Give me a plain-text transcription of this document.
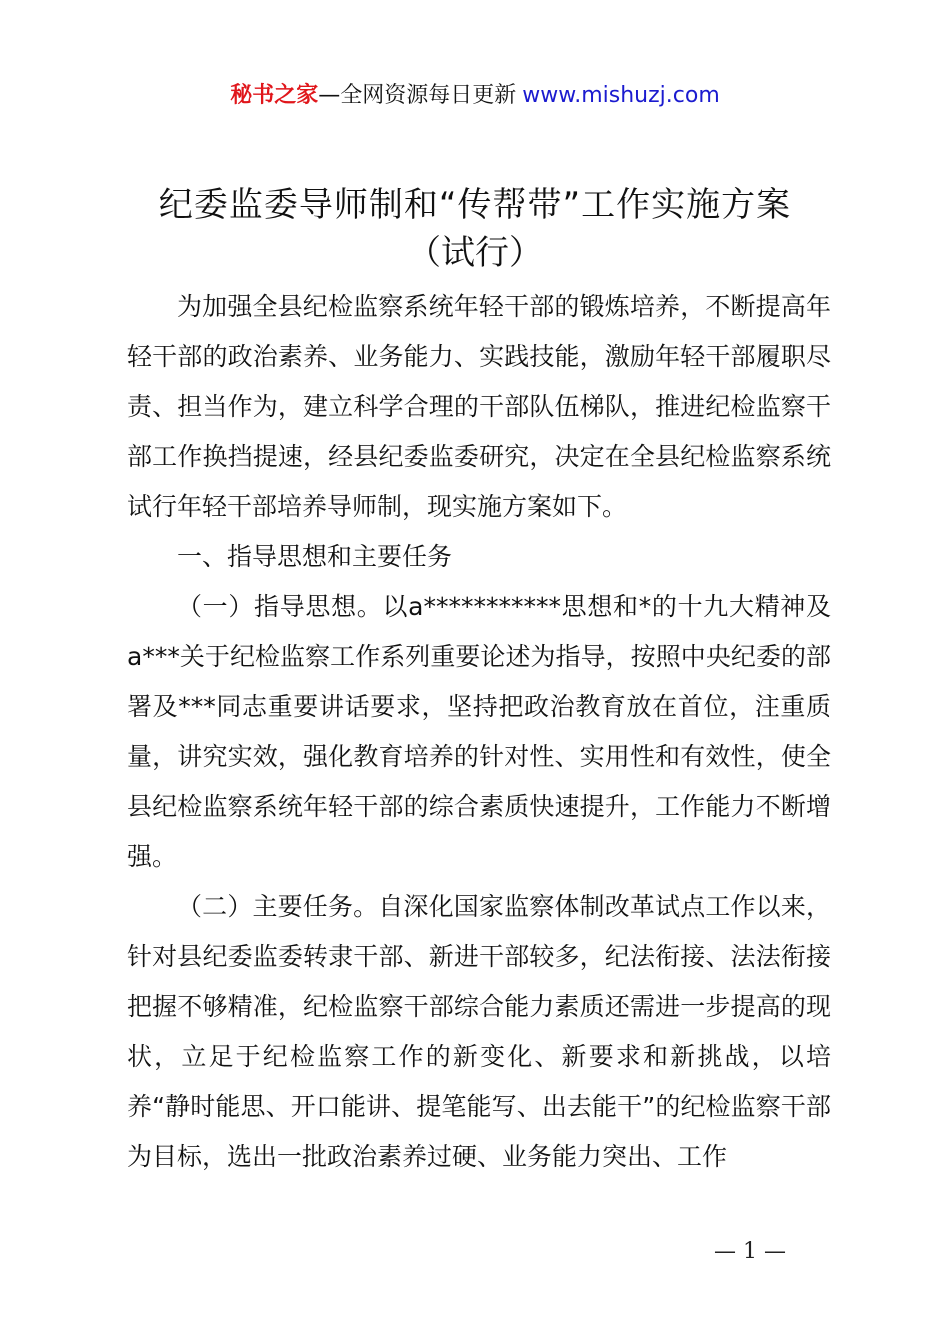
秘书之家—全网资源每日更新 www.mishuzj.com
纪委监委导师制和“传帮带”工作实施方案
（试行）

为加强全县纪检监察系统年轻干部的锻炼培养，不断提高年轻干部的政治素养、业务能力、实践技能，激励年轻干部履职尽责、担当作为，建立科学合理的干部队伍梯队，推进纪检监察干部工作换挡提速，经县纪委监委研究，决定在全县纪检监察系统试行年轻干部培养导师制，现实施方案如下。

一、指导思想和主要任务

（一）指导思想。以a***********思想和*的十九大精神及a***关于纪检监察工作系列重要论述为指导，按照中央纪委的部署及***同志重要讲话要求，坚持把政治教育放在首位，注重质量，讲究实效，强化教育培养的针对性、实用性和有效性，使全县纪检监察系统年轻干部的综合素质快速提升，工作能力不断增强。

（二）主要任务。自深化国家监察体制改革试点工作以来，针对县纪委监委转隶干部、新进干部较多，纪法衔接、法法衔接把握不够精准，纪检监察干部综合能力素质还需进一步提高的现状，立足于纪检监察工作的新变化、新要求和新挑战，以培养“静时能思、开口能讲、提笔能写、出去能干”的纪检监察干部为目标，选出一批政治素养过硬、业务能力突出、工作

— 1 —
